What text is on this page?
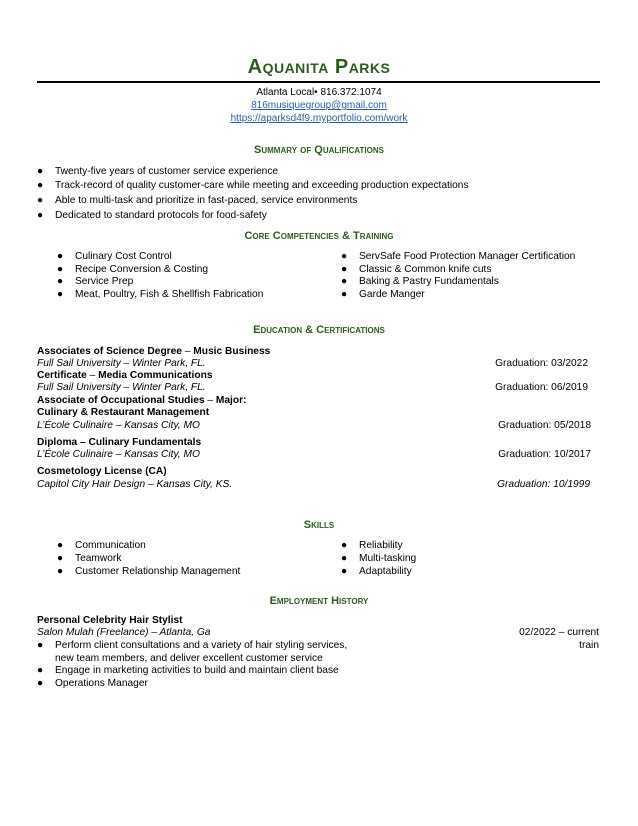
Aquanita Parks
Atlanta Local• 816.372.1074
816musiquegroup@gmail.com
https://aparksd4f9.myportfolio.com/work
Summary of Qualifications
● Twenty-five years of customer service experience
● Track-record of quality customer-care while meeting and exceeding production expectations
● Able to multi-task and prioritize in fast-paced, service environments
● Dedicated to standard protocols for food-safety
Core Competencies & Training
● Culinary Cost Control
● Recipe Conversion & Costing
● Service Prep
● Meat, Poultry, Fish & Shellfish Fabrication
● ServSafe Food Protection Manager Certification
● Classic & Common knife cuts
● Baking & Pastry Fundamentals
● Garde Manger
Education & Certifications
Associates of Science Degree – Music Business
Full Sail University – Winter Park, FL.	Graduation: 03/2022
Certificate – Media Communications
Full Sail University – Winter Park, FL.	Graduation: 06/2019
Associate of Occupational Studies – Major:
Culinary & Restaurant Management
L’École Culinaire – Kansas City, MO	Graduation: 05/2018
Diploma – Culinary Fundamentals
L’École Culinaire – Kansas City, MO	Graduation: 10/2017
Cosmetology License (CA)
Capitol City Hair Design – Kansas City, KS.	Graduation: 10/1999
Skills
● Communication
● Teamwork
● Customer Relationship Management
● Reliability
● Multi-tasking
● Adaptability
Employment History
Personal Celebrity Hair Stylist
Salon Mulah (Freelance) – Atlanta, Ga	02/2022 – current
● Perform client consultations and a variety of hair styling services,	train
new team members, and deliver excellent customer service
● Engage in marketing activities to build and maintain client base
● Operations Manager
